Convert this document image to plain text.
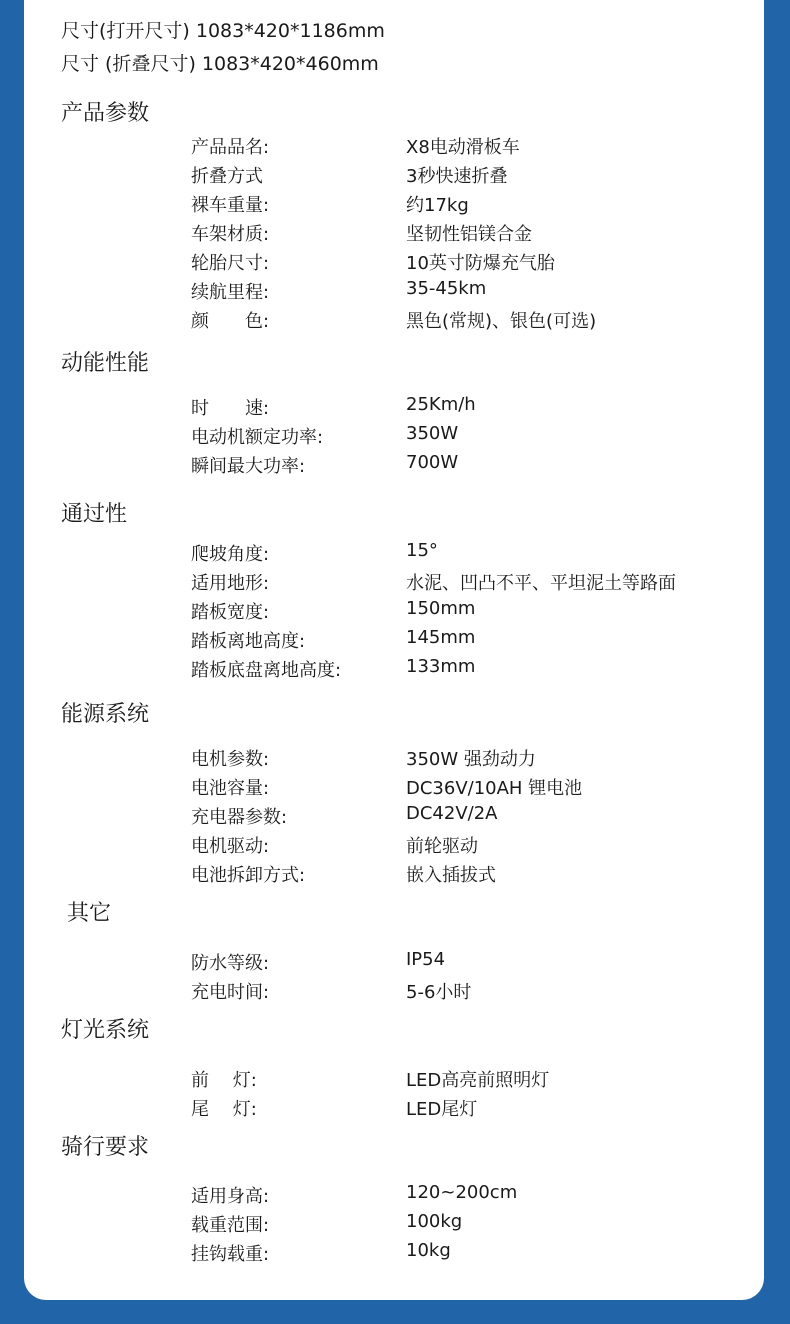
尺寸(打开尺寸) 1083*420*1186mm
尺寸 (折叠尺寸) 1083*420*460mm
产品参数
产品品名:	X8电动滑板车
折叠方式	3秒快速折叠
裸车重量:	约17kg
车架材质:	坚韧性铝镁合金
轮胎尺寸:	10英寸防爆充气胎
续航里程:	35-45km
颜　　色:	黑色(常规)、银色(可选)
动能性能
时　　速:	25Km/h
电动机额定功率:	350W
瞬间最大功率:	700W
通过性
爬坡角度:	15°
适用地形:	水泥、凹凸不平、平坦泥土等路面
踏板宽度:	150mm
踏板离地高度:	145mm
踏板底盘离地高度:	133mm
能源系统
电机参数:	350W 强劲动力
电池容量:	DC36V/10AH 锂电池
充电器参数:	DC42V/2A
电机驱动:	前轮驱动
电池拆卸方式:	嵌入插拔式
其它
防水等级:	IP54
充电时间:	5-6小时
灯光系统
前　 灯:	LED高亮前照明灯
尾　 灯:	LED尾灯
骑行要求
适用身高:	120~200cm
载重范围:	100kg
挂钩载重:	10kg
